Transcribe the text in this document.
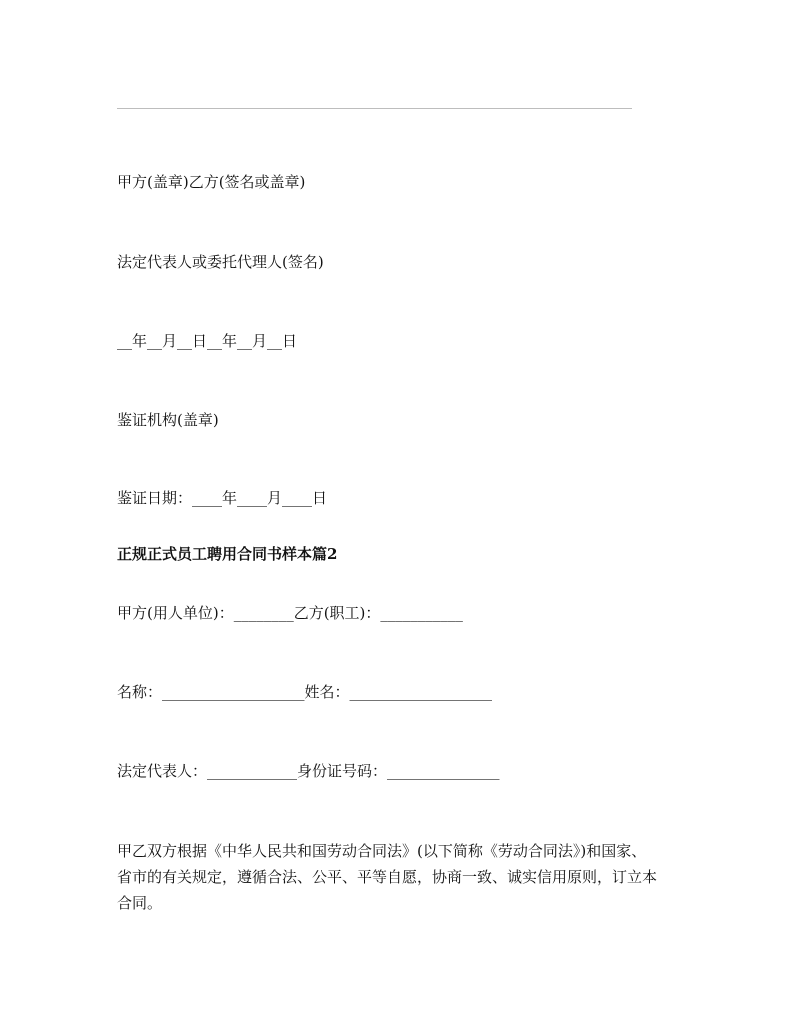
甲方(盖章)乙方(签名或盖章)
法定代表人或委托代理人(签名)
__年__月__日__年__月__日
鉴证机构(盖章)
鉴证日期：____年____月____日
正规正式员工聘用合同书样本篇2
甲方(用人单位)：________乙方(职工)：___________
名称：___________________姓名：___________________
法定代表人：____________身份证号码：_______________
甲乙双方根据《中华人民共和国劳动合同法》(以下简称《劳动合同法》)和国家、
省市的有关规定，遵循合法、公平、平等自愿，协商一致、诚实信用原则，订立本
合同。
